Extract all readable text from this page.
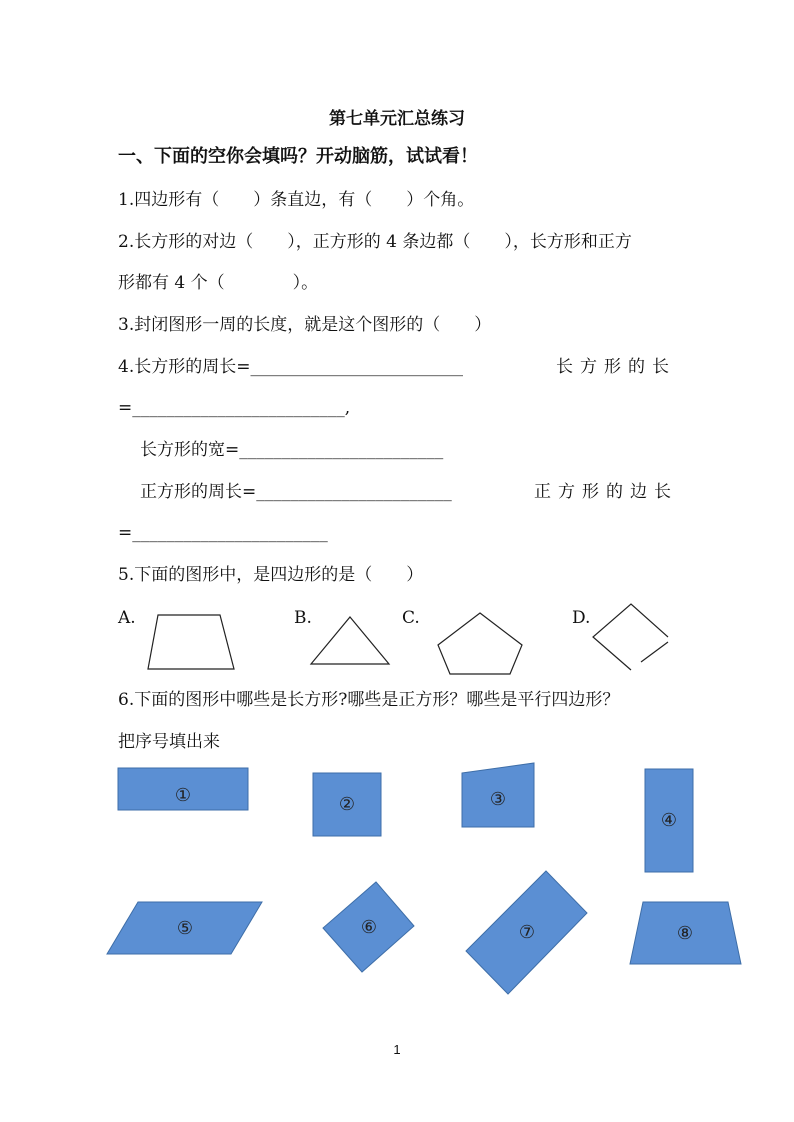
第七单元汇总练习
一、下面的空你会填吗？开动脑筋，试试看！
1.四边形有（　　）条直边，有（　　）个角。
2.长方形的对边（　　），正方形的 4 条边都（　　），长方形和正方
形都有 4 个（　　　　）。
3.封闭图形一周的长度，就是这个图形的（　　）
4.长方形的周长=_________________________	长方形的长
=_________________________,
长方形的宽=________________________
正方形的周长=_______________________	正方形的边长
=_______________________
5.下面的图形中，是四边形的是（　　）
A.	B.	C.	D.
6.下面的图形中哪些是长方形?哪些是正方形？哪些是平行四边形？
把序号填出来
①	②	③
④
⑤	⑥	⑦	⑧
1
